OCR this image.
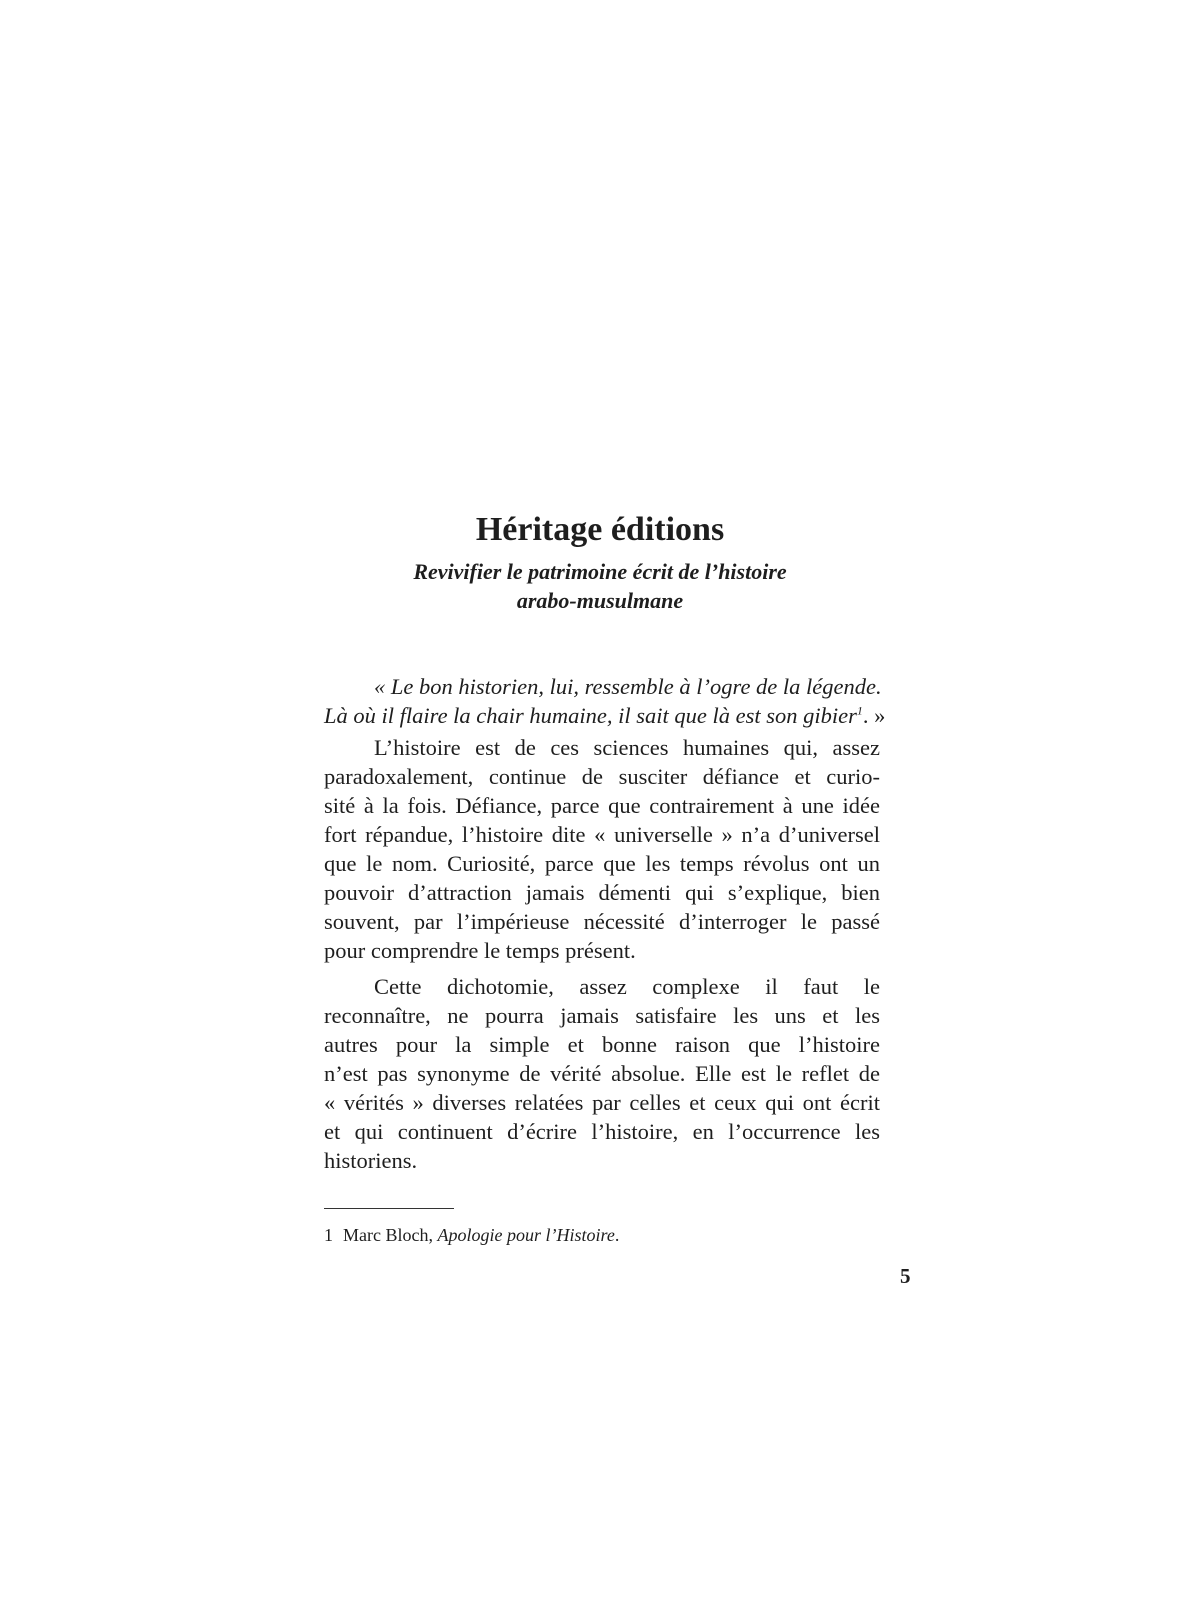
Héritage éditions
Revivifier le patrimoine écrit de l’histoire
arabo-musulmane
« Le bon historien, lui, ressemble à l’ogre de la légende.
Là où il flaire la chair humaine, il sait que là est son gibier$^1$. »
L’histoire est de ces sciences humaines qui, assez
paradoxalement, continue de susciter défiance et curio-
sité à la fois. Défiance, parce que contrairement à une idée
fort répandue, l’histoire dite « universelle » n’a d’universel
que le nom. Curiosité, parce que les temps révolus ont un
pouvoir d’attraction jamais démenti qui s’explique, bien
souvent, par l’impérieuse nécessité d’interroger le passé
pour comprendre le temps présent.
Cette dichotomie, assez complexe il faut le
reconnaître, ne pourra jamais satisfaire les uns et les
autres pour la simple et bonne raison que l’histoire
n’est pas synonyme de vérité absolue. Elle est le reflet de
« vérités » diverses relatées par celles et ceux qui ont écrit
et qui continuent d’écrire l’histoire, en l’occurrence les
historiens.

1 Marc Bloch, Apologie pour l’Histoire.

5
